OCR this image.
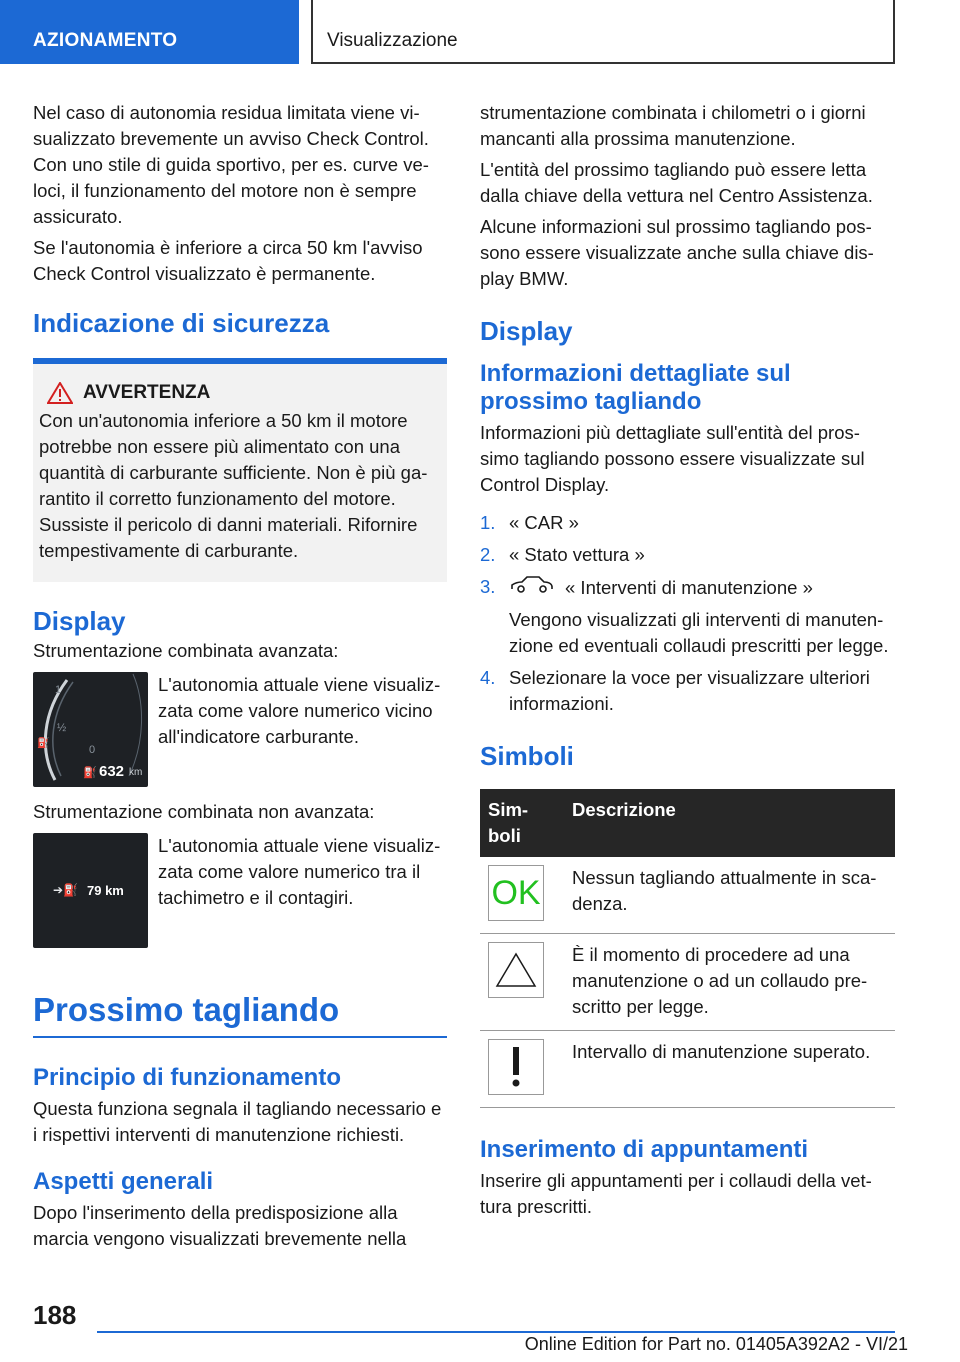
AZIONAMENTO	Visualizzazione

Nel caso di autonomia residua limitata viene vi‐sualizzato brevemente un avviso Check Control. Con uno stile di guida sportivo, per es. curve ve‐loci, il funzionamento del motore non è sempre assicurato.

Se l'autonomia è inferiore a circa 50 km l'avviso Check Control visualizzato è permanente.

Indicazione di sicurezza
AVVERTENZA

Con un'autonomia inferiore a 50 km il motore potrebbe non essere più alimentato con una quantità di carburante sufficiente. Non è più ga‐rantito il corretto funzionamento del motore. Sussiste il pericolo di danni materiali. Rifornire tempestivamente di carburante.

Display

Strumentazione combinata avanzata:

1
½
0
⛽
⛽ 632 km

L'autonomia attuale viene visualiz‐zata come valore numerico vicino all'indicatore carburante.

Strumentazione combinata non avanzata:

➔⛽ 79 km

L'autonomia attuale viene visualiz‐zata come valore numerico tra il tachimetro e il contagiri.

Prossimo tagliando
Principio di funzionamento

Questa funziona segnala il tagliando necessario e i rispettivi interventi di manutenzione richiesti.

Aspetti generali

Dopo l'inserimento della predisposizione alla marcia vengono visualizzati brevemente nella

strumentazione combinata i chilometri o i giorni mancanti alla prossima manutenzione.

L'entità del prossimo tagliando può essere letta dalla chiave della vettura nel Centro Assistenza.

Alcune informazioni sul prossimo tagliando pos‐sono essere visualizzate anche sulla chiave dis‐play BMW.

Display
Informazioni dettagliate sul prossimo tagliando

Informazioni più dettagliate sull'entità del pros‐simo tagliando possono essere visualizzate sul Control Display.

1. « CAR »
2. « Stato vettura »
3.	« Interventi di manutenzione »
Vengono visualizzati gli interventi di manuten‐zione ed eventuali collaudi prescritti per legge.
4. Selezionare la voce per visualizzare ulteriori informazioni.
Simboli
Sim‐boli	Descrizione

OK	Nessun tagliando attualmente in sca‐denza.

	È il momento di procedere ad una manutenzione o ad un collaudo pre‐scritto per legge.

	Intervallo di manutenzione superato.
Inserimento di appuntamenti

Inserire gli appuntamenti per i collaudi della vet‐tura prescritti.

188
Online Edition for Part no. 01405A392A2 - VI/21
